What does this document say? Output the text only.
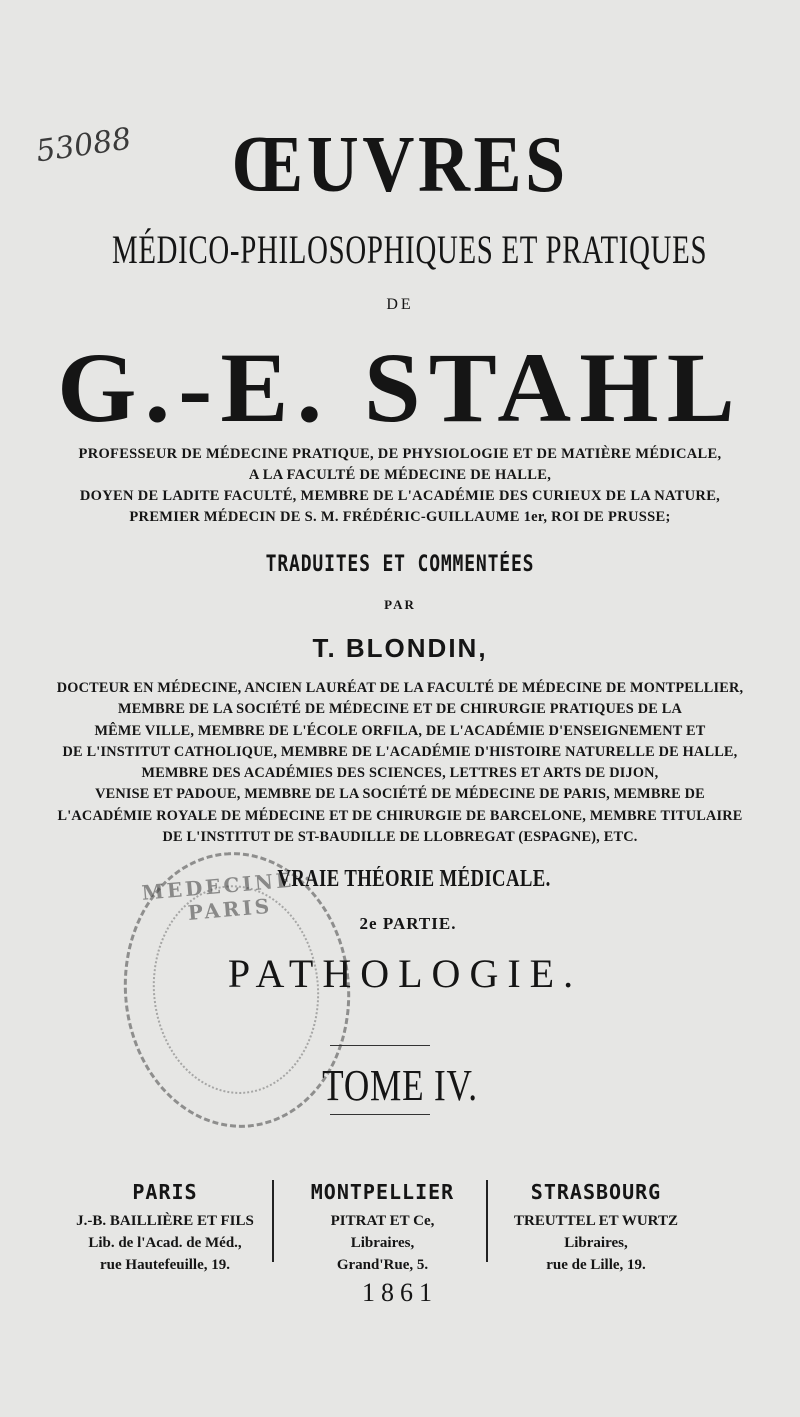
53088	ŒUVRES
MÉDICO-PHILOSOPHIQUES ET PRATIQUES
DE
G.-E. STAHL
PROFESSEUR DE MÉDECINE PRATIQUE, DE PHYSIOLOGIE ET DE MATIÈRE MÉDICALE,
A LA FACULTÉ DE MÉDECINE DE HALLE,
DOYEN DE LADITE FACULTÉ, MEMBRE DE L'ACADÉMIE DES CURIEUX DE LA NATURE,
PREMIER MÉDECIN DE S. M. FRÉDÉRIC-GUILLAUME 1er, ROI DE PRUSSE;
TRADUITES ET COMMENTÉES
PAR
T. BLONDIN,
DOCTEUR EN MÉDECINE, ANCIEN LAURÉAT DE LA FACULTÉ DE MÉDECINE DE MONTPELLIER,
MEMBRE DE LA SOCIÉTÉ DE MÉDECINE ET DE CHIRURGIE PRATIQUES DE LA
MÊME VILLE, MEMBRE DE L'ÉCOLE ORFILA, DE L'ACADÉMIE D'ENSEIGNEMENT ET
DE L'INSTITUT CATHOLIQUE, MEMBRE DE L'ACADÉMIE D'HISTOIRE NATURELLE DE HALLE,
MEMBRE DES ACADÉMIES DES SCIENCES, LETTRES ET ARTS DE DIJON,
VENISE ET PADOUE, MEMBRE DE LA SOCIÉTÉ DE MÉDECINE DE PARIS, MEMBRE DE
L'ACADÉMIE ROYALE DE MÉDECINE ET DE CHIRURGIE DE BARCELONE, MEMBRE TITULAIRE
DE L'INSTITUT DE ST-BAUDILLE DE LLOBREGAT (ESPAGNE), ETC.
MEDECINE · PARIS
VRAIE THÉORIE MÉDICALE.
2e PARTIE.
PATHOLOGIE.
TOME IV.
PARIS
J.-B. BAILLIÈRE ET FILS
Lib. de l'Acad. de Méd.,
rue Hautefeuille, 19.
MONTPELLIER
PITRAT ET Ce,
Libraires,
Grand'Rue, 5.
STRASBOURG
TREUTTEL ET WURTZ
Libraires,
rue de Lille, 19.
1861
